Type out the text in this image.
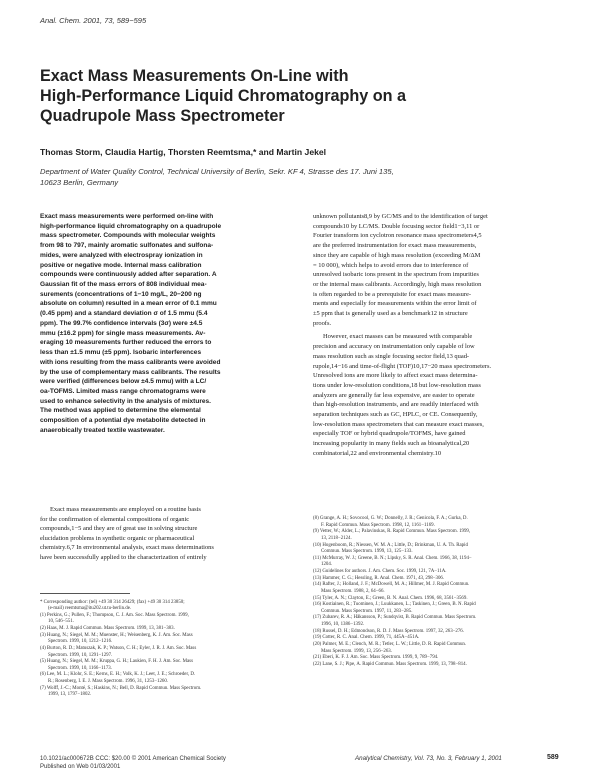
Anal. Chem. 2001, 73, 589−595
Exact Mass Measurements On-Line with
High-Performance Liquid Chromatography on a
Quadrupole Mass Spectrometer
Thomas Storm, Claudia Hartig, Thorsten Reemtsma,* and Martin Jekel
Department of Water Quality Control, Technical University of Berlin, Sekr. KF 4, Strasse des 17. Juni 135,
10623 Berlin, Germany
Exact mass measurements were performed on-line with
high-performance liquid chromatography on a quadrupole
mass spectrometer. Compounds with molecular weights
from 98 to 797, mainly aromatic sulfonates and sulfona-
mides, were analyzed with electrospray ionization in
positive or negative mode. Internal mass calibration
compounds were continuously added after separation. A
Gaussian fit of the mass errors of 808 individual mea-
surements (concentrations of 1−10 mg/L, 20−200 ng
absolute on column) resulted in a mean error of 0.1 mmu
(0.45 ppm) and a standard deviation σ of 1.5 mmu (5.4
ppm). The 99.7% confidence intervals (3σ) were ±4.5
mmu (±16.2 ppm) for single mass measurements. Av-
eraging 10 measurements further reduced the errors to
less than ±1.5 mmu (±5 ppm). Isobaric interferences
with ions resulting from the mass calibrants were avoided
by the use of complementary mass calibrants. The results
were verified (differences below ±4.5 mmu) with a LC/
oa-TOFMS. Limited mass range chromatograms were
used to enhance selectivity in the analysis of mixtures.
The method was applied to determine the elemental
composition of a potential dye metabolite detected in
anaerobically treated textile wastewater.
Exact mass measurements are employed on a routine basis
for the confirmation of elemental compositions of organic
compounds,1−5 and they are of great use in solving structure
elucidation problems in synthetic organic or pharmaceutical
chemistry.6,7 In environmental analysis, exact mass determinations
have been successfully applied to the characterization of entirely
* Corresponding author: (tel) +49 30 314 26429; (fax) +49 30 314 23850;
(e-mail) reemtsma@itu202.ut.tu-berlin.de.
(1) Perkins, G.; Pullen, F.; Thompson, C. J. Am. Soc. Mass Spectrom. 1999,
10, 546−551.
(2) Haas, M. J. Rapid Commun. Mass Spectrom. 1999, 13, 381−383.
(3) Huang, N.; Siegel, M. M.; Muenster, H.; Weisenberg, K. J. Am. Soc. Mass
Spectrom. 1999, 10, 1212−1216.
(4) Burton, R. D.; Matuszak, K. P.; Watson, C. H.; Eyler, J. R. J. Am. Soc. Mass
Spectrom. 1999, 10, 1291−1297.
(5) Huang, N.; Siegel, M. M.; Kruppa, G. H.; Laukien, F. H. J. Am. Soc. Mass
Spectrom. 1999, 10, 1166−1173.
(6) Lee, M. L.; Klohr, S. E.; Kerns, E. H.; Volk, K. J.; Leet, J. E.; Schroeder, D.
R.; Rosenberg, I. E. J. Mass Spectrom. 1996, 31, 1253−1260.
(7) Wolff, J.-C.; Monté, S.; Haskins, N.; Bell, D. Rapid Commun. Mass Spectrom.
1999, 13, 1797−1802.
unknown pollutants8,9 by GC/MS and to the identification of target
compounds10 by LC/MS. Double focusing sector field1−3,11 or
Fourier transform ion cyclotron resonance mass spectrometers4,5
are the preferred instrumentation for exact mass measurements,
since they are capable of high mass resolution (exceeding M/ΔM
= 10 000), which helps to avoid errors due to interference of
unresolved isobaric ions present in the spectrum from impurities
or the internal mass calibrants. Accordingly, high mass resolution
is often regarded to be a prerequisite for exact mass measure-
ments and especially for measurements within the error limit of
±5 ppm that is generally used as a benchmark12 in structure
proofs.
However, exact masses can be measured with comparable
precision and accuracy on instrumentation only capable of low
mass resolution such as single focusing sector field,13 quad-
rupole,14−16 and time-of-flight (TOF)10,17−20 mass spectrometers.
Unresolved ions are more likely to affect exact mass determina-
tions under low-resolution conditions,18 but low-resolution mass
analyzers are generally far less expensive, are easier to operate
than high-resolution instruments, and are readily interfaced with
separation techniques such as GC, HPLC, or CE. Consequently,
low-resolution mass spectrometers that can measure exact masses,
especially TOF or hybrid quadrupole/TOFMS, have gained
increasing popularity in many fields such as bioanalytical,20
combinatorial,22 and environmental chemistry.10
(8) Grange, A. H.; Sovocool, G. W.; Donnelly, J. R.; Genicola, F. A.; Gurka, D.
F. Rapid Commun. Mass Spectrom. 1998, 12, 1161−1169.
(9) Vetter, W.; Alder, L.; Palavinskas, R. Rapid Commun. Mass Spectrom. 1999,
13, 2118−2124.
(10) Hogenboom, R.; Niessen, W. M. A.; Little, D.; Brinkman, U. A. Th. Rapid
Commun. Mass Spectrom. 1999, 13, 125−133.
(11) McMurray, W. J.; Greene, B. N.; Lipsky, S. R. Anal. Chem. 1966, 38, 1194−
1204.
(12) Guidelines for authors. J. Am. Chem. Soc. 1999, 121, 7A−11A.
(13) Hammer, C. G.; Hessling, R. Anal. Chem. 1971, 43, 298−306.
(14) Rafter, J.; Holland, J. F.; McDowell, M. A.; Hillmer, M. J. Rapid Commun.
Mass Spectrom. 1988, 2, 64−66.
(15) Tyler, A. N.; Clayton, E.; Green, B. N. Anal. Chem. 1996, 68, 3561−3569.
(16) Kostiainen, R.; Tuominen, J.; Luukkanen, L.; Taskinen, J.; Green, B. N. Rapid
Commun. Mass Spectrom. 1997, 11, 283−285.
(17) Zubarev, R. A.; Håkansson, P.; Sundqvist, B. Rapid Commun. Mass Spectrom.
1996, 10, 1386−1392.
(18) Russel, D. H.; Edmondson, R. D. J. Mass Spectrom. 1997, 32, 263−276.
(19) Cotter, R. C. Anal. Chem. 1999, 71, 445A−451A.
(20) Palmer, M. E.; Clench, M. R.; Tetler, L. W.; Little, D. R. Rapid Commun.
Mass Spectrom. 1999, 13, 256−263.
(21) Eberi, K. F. J. Am. Soc. Mass Spectrom. 1999, 9, 789−794.
(22) Lane, S. J.; Pipe, A. Rapid Commun. Mass Spectrom. 1999, 13, 798−814.
10.1021/ac000672B CCC: $20.00 © 2001 American Chemical Society
Published on Web 01/03/2001
Analytical Chemistry, Vol. 73, No. 3, February 1, 2001	589
